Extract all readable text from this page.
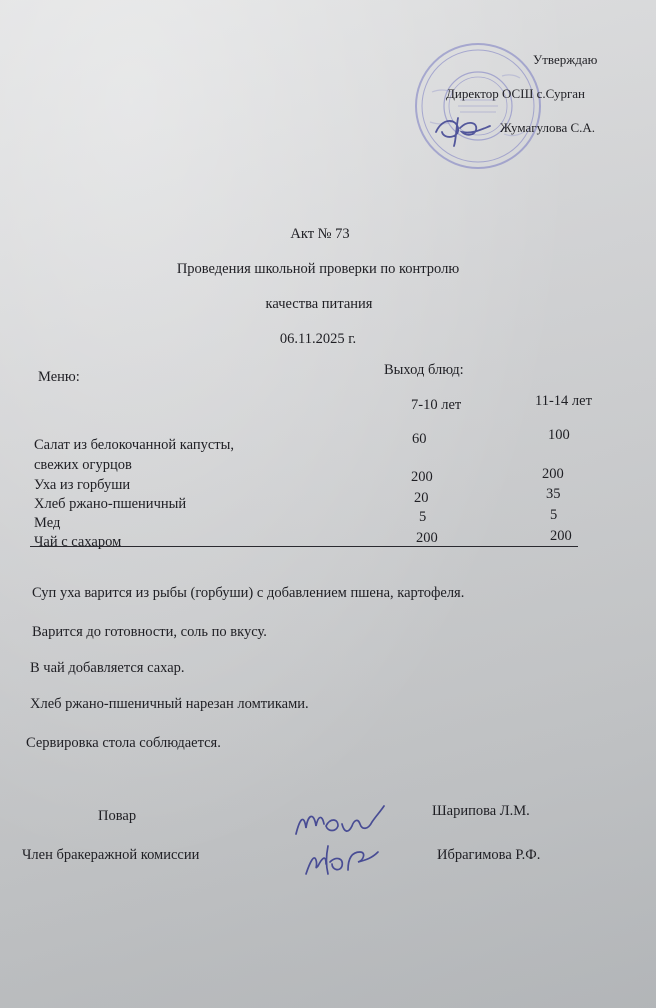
Утверждаю
Директор ОСШ с.Сурган
Жумагулова С.А.
Акт № 73
Проведения школьной проверки по контролю
качества питания
06.11.2025 г.
Меню:	Выход блюд:
7-10 лет	11-14 лет
Салат из белокочанной капусты,	60	100
свежих огурцов
Уха из горбуши	200	200
Хлеб ржано-пшеничный	20	35
Мед	5	5
Чай с сахаром	200	200
Суп уха варится из рыбы (горбуши) с добавлением пшена, картофеля.
Варится до готовности, соль по вкусу.
В чай добавляется сахар.
Хлеб ржано-пшеничный нарезан ломтиками.
Сервировка стола соблюдается.
Повар	Шарипова Л.М.
Член бракеражной комиссии	Ибрагимова Р.Ф.
